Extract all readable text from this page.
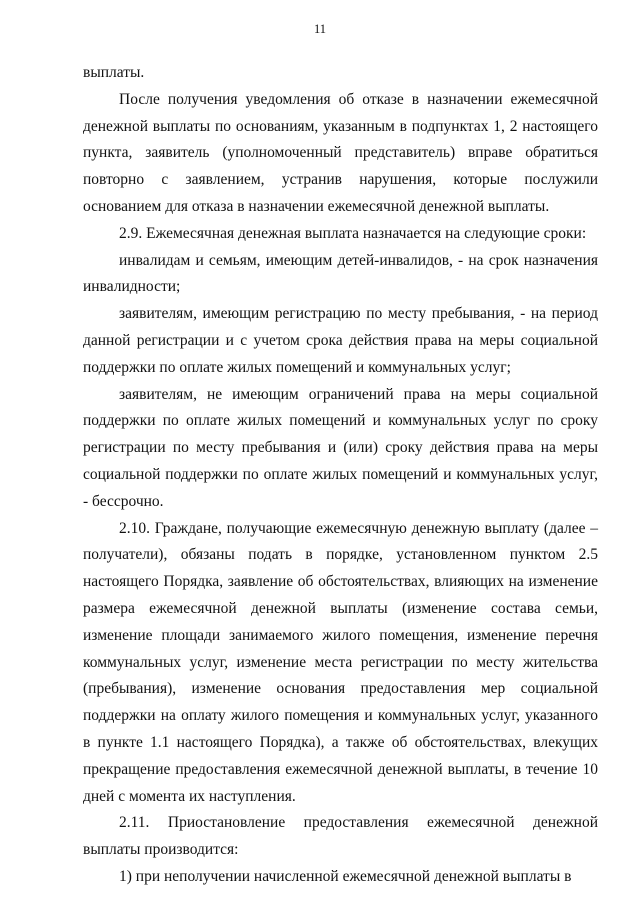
11

выплаты.

После получения уведомления об отказе в назначении ежемесячной денежной выплаты по основаниям, указанным в подпунктах 1, 2 настоящего пункта, заявитель (уполномоченный представитель) вправе обратиться повторно с заявлением, устранив нарушения, которые послужили основанием для отказа в назначении ежемесячной денежной выплаты.

2.9. Ежемесячная денежная выплата назначается на следующие сроки:

инвалидам и семьям, имеющим детей-инвалидов, - на срок назначения инвалидности;

заявителям, имеющим регистрацию по месту пребывания, - на период данной регистрации и с учетом срока действия права на меры социальной поддержки по оплате жилых помещений и коммунальных услуг;

заявителям, не имеющим ограничений права на меры социальной поддержки по оплате жилых помещений и коммунальных услуг по сроку регистрации по месту пребывания и (или) сроку действия права на меры социальной поддержки по оплате жилых помещений и коммунальных услуг, - бессрочно.

2.10. Граждане, получающие ежемесячную денежную выплату (далее – получатели), обязаны подать в порядке, установленном пунктом 2.5 настоящего Порядка, заявление об обстоятельствах, влияющих на изменение размера ежемесячной денежной выплаты (изменение состава семьи, изменение площади занимаемого жилого помещения, изменение перечня коммунальных услуг, изменение места регистрации по месту жительства (пребывания), изменение основания предоставления мер социальной поддержки на оплату жилого помещения и коммунальных услуг, указанного в пункте 1.1 настоящего Порядка), а также об обстоятельствах, влекущих прекращение предоставления ежемесячной денежной выплаты, в течение 10 дней с момента их наступления.

2.11. Приостановление предоставления ежемесячной денежной выплаты производится:

1) при неполучении начисленной ежемесячной денежной выплаты в
